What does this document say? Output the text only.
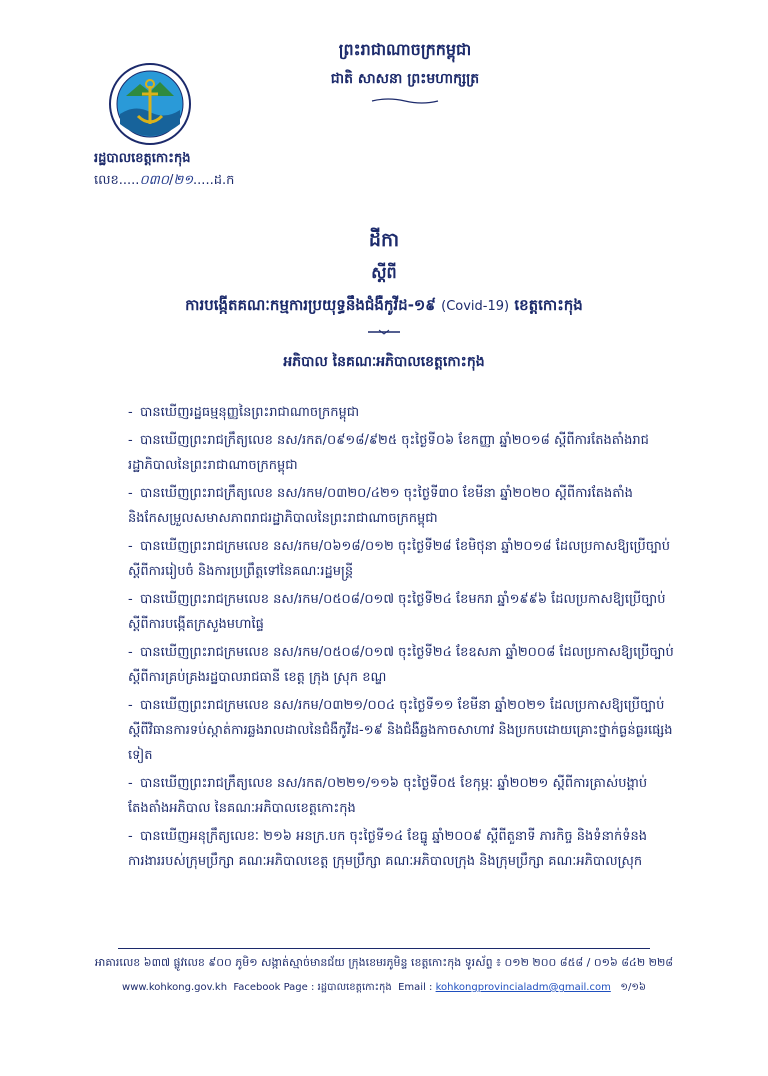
ព្រះរាជាណាចក្រកម្ពុជា
ជាតិ សាសនា ព្រះមហាក្សត្រ
រដ្ឋបាលខេត្តកោះកុង
លេខ.....០៣០/២១.....ដ.ក
ដីកា
ស្តីពី
ការបង្កើតគណៈកម្មការប្រយុទ្ធនឹងជំងឺកូវីដ-១៩ (Covid-19) ខេត្តកោះកុង
អភិបាល នៃគណៈអភិបាលខេត្តកោះកុង
- បានឃើញរដ្ឋធម្មនុញ្ញនៃព្រះរាជាណាចក្រកម្ពុជា
- បានឃើញព្រះរាជក្រឹត្យលេខ នស/រកត/០៩១៨/៩២៥ ចុះថ្ងៃទី០៦ ខែកញ្ញា ឆ្នាំ២០១៨ ស្តីពីការតែងតាំងរាជរដ្ឋាភិបាលនៃព្រះរាជាណាចក្រកម្ពុជា
- បានឃើញព្រះរាជក្រឹត្យលេខ នស/រកម/០៣២០/៤២១ ចុះថ្ងៃទី៣០ ខែមីនា ឆ្នាំ២០២០ ស្តីពីការតែងតាំង និងកែសម្រួលសមាសភាពរាជរដ្ឋាភិបាលនៃព្រះរាជាណាចក្រកម្ពុជា
- បានឃើញព្រះរាជក្រមលេខ នស/រកម/០៦១៨/០១២ ចុះថ្ងៃទី២៨ ខែមិថុនា ឆ្នាំ២០១៨ ដែលប្រកាសឱ្យប្រើច្បាប់ស្តីពីការរៀបចំ និងការប្រព្រឹត្តទៅនៃគណៈរដ្ឋមន្ត្រី
- បានឃើញព្រះរាជក្រមលេខ នស/រកម/០៥០៨/០១៧ ចុះថ្ងៃទី២៤ ខែមករា ឆ្នាំ១៩៩៦ ដែលប្រកាសឱ្យប្រើច្បាប់ស្តីពីការបង្កើតក្រសួងមហាផ្ទៃ
- បានឃើញព្រះរាជក្រមលេខ នស/រកម/០៥០៨/០១៧ ចុះថ្ងៃទី២៤ ខែឧសភា ឆ្នាំ២០០៨ ដែលប្រកាសឱ្យប្រើច្បាប់ស្តីពីការគ្រប់គ្រងរដ្ឋបាលរាជធានី ខេត្ត ក្រុង ស្រុក ខណ្ឌ
- បានឃើញព្រះរាជក្រមលេខ នស/រកម/០៣២១/០០៤ ចុះថ្ងៃទី១១ ខែមីនា ឆ្នាំ២០២១ ដែលប្រកាសឱ្យប្រើច្បាប់ស្តីពីវិធានការទប់ស្កាត់ការឆ្លងរាលដាលនៃជំងឺកូវីដ-១៩ និងជំងឺឆ្លងកាចសាហាវ និងប្រកបដោយគ្រោះថ្នាក់ធ្ងន់ធ្ងរផ្សេងទៀត
- បានឃើញព្រះរាជក្រឹត្យលេខ នស/រកត/០២២១/១១៦ ចុះថ្ងៃទី០៥ ខែកុម្ភៈ ឆ្នាំ២០២១ ស្តីពីការត្រាស់បង្គាប់តែងតាំងអភិបាល នៃគណៈអភិបាលខេត្តកោះកុង
- បានឃើញអនុក្រឹត្យលេខៈ ២១៦ អនក្រ.បក ចុះថ្ងៃទី១៤ ខែធ្នូ ឆ្នាំ២០០៩ ស្តីពីតួនាទី ភារកិច្ច និងទំនាក់ទំនងការងាររបស់ក្រុមប្រឹក្សា គណៈអភិបាលខេត្ត ក្រុមប្រឹក្សា គណៈអភិបាលក្រុង និងក្រុមប្រឹក្សា គណៈអភិបាលស្រុក
អាគារលេខ ៦៣៧ ផ្លូវលេខ ៩០០ ភូមិ១ សង្កាត់ស្មាច់មានជ័យ ក្រុងខេមរភូមិន្ទ ខេត្តកោះកុង ទូរស័ព្ទ ៖ ០១២ ២០០ ៨៥៨ / ០១៦ ៨៤២ ២២៨
www.kohkong.gov.kh Facebook Page : រដ្ឋបាលខេត្តកោះកុង Email : kohkongprovincialadm@gmail.com ១/១៦
